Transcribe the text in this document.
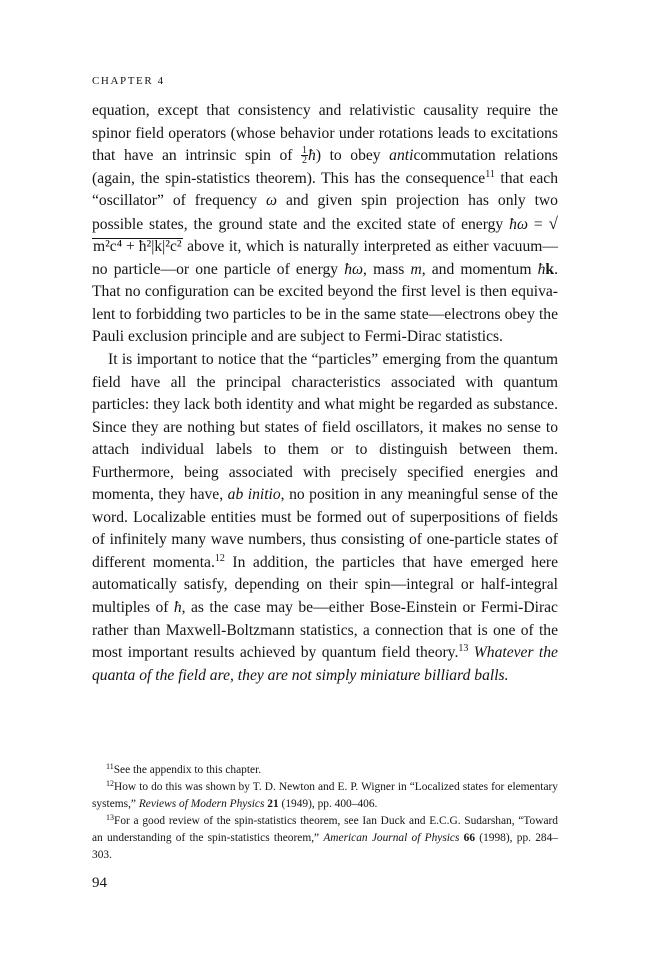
CHAPTER 4

equation, except that consistency and relativistic causality require the spinor field operators (whose behavior under rotations leads to excitations that have an intrinsic spin of $\frac{1}{2}$ ħ) to obey anticommutation relations (again, the spin-statistics theorem). This has the consequence$^{11}$ that each “oscillator” of frequency ω and given spin projection has only two possible states, the ground state and the excited state of energy ħω = √m²c⁴ + ħ²|k|²c² above it, which is naturally interpreted as either vacuum—no particle—or one particle of energy ħω, mass m, and momentum ħk. That no configuration can be excited beyond the first level is then equivalent to forbidding two particles to be in the same state—electrons obey the Pauli exclusion principle and are subject to Fermi-Dirac statistics.

It is important to notice that the “particles” emerging from the quantum field have all the principal characteristics associated with quantum particles: they lack both identity and what might be regarded as substance. Since they are nothing but states of field oscillators, it makes no sense to attach individual labels to them or to distinguish between them. Furthermore, being associated with precisely specified energies and momenta, they have, ab initio, no position in any meaningful sense of the word. Localizable entities must be formed out of superpositions of fields of infinitely many wave numbers, thus consisting of one-particle states of different momenta.$^{12}$ In addition, the particles that have emerged here automatically satisfy, depending on their spin—integral or half-integral multiples of ħ, as the case may be—either Bose-Einstein or Fermi-Dirac rather than Maxwell-Boltzmann statistics, a connection that is one of the most important results achieved by quantum field theory.$^{13}$ Whatever the quanta of the field are, they are not simply miniature billiard balls.

$^{11}$See the appendix to this chapter.

$^{12}$How to do this was shown by T. D. Newton and E. P. Wigner in “Localized states for elementary systems,” Reviews of Modern Physics 21 (1949), pp. 400–406.

$^{13}$For a good review of the spin-statistics theorem, see Ian Duck and E.C.G. Sudarshan, “Toward an understanding of the spin-statistics theorem,” American Journal of Physics 66 (1998), pp. 284–303.

94
